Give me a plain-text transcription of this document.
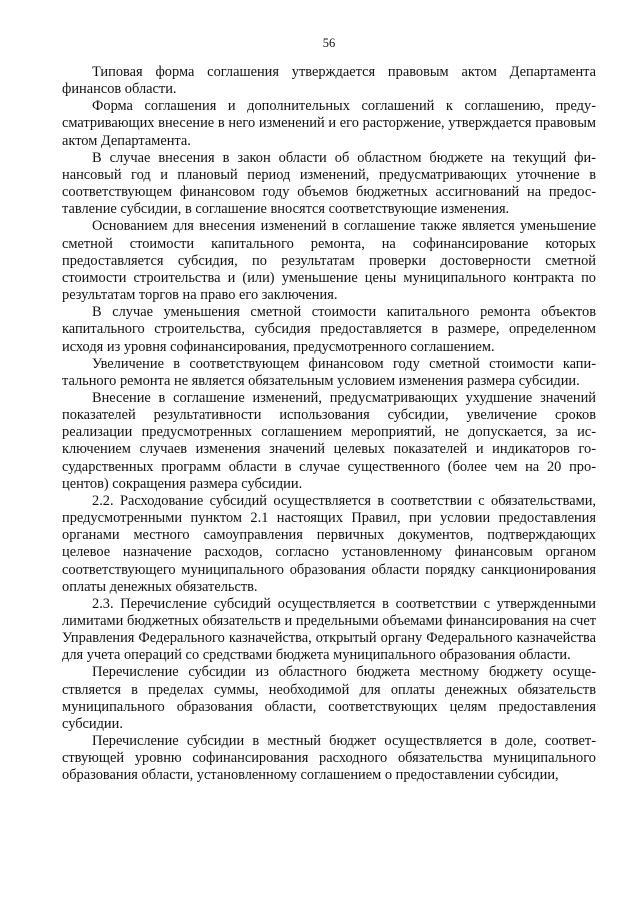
56

Типовая форма соглашения утверждается правовым актом Департамента финансов области.

Форма соглашения и дополнительных соглашений к соглашению, предусматривающих внесение в него изменений и его расторжение, утверждается правовым актом Департамента.

В случае внесения в закон области об областном бюджете на текущий финансовый год и плановый период изменений, предусматривающих уточнение в соответствующем финансовом году объемов бюджетных ассигнований на предоставление субсидии, в соглашение вносятся соответствующие изменения.

Основанием для внесения изменений в соглашение также является уменьшение сметной стоимости капитального ремонта, на софинансирование которых предоставляется субсидия, по результатам проверки достоверности сметной стоимости строительства и (или) уменьшение цены муниципального контракта по результатам торгов на право его заключения.

В случае уменьшения сметной стоимости капитального ремонта объектов капитального строительства, субсидия предоставляется в размере, определенном исходя из уровня софинансирования, предусмотренного соглашением.

Увеличение в соответствующем финансовом году сметной стоимости капитального ремонта не является обязательным условием изменения размера субсидии.

Внесение в соглашение изменений, предусматривающих ухудшение значений показателей результативности использования субсидии, увеличение сроков реализации предусмотренных соглашением мероприятий, не допускается, за исключением случаев изменения значений целевых показателей и индикаторов государственных программ области в случае существенного (более чем на 20 процентов) сокращения размера субсидии.

2.2. Расходование субсидий осуществляется в соответствии с обязательствами, предусмотренными пунктом 2.1 настоящих Правил, при условии предоставления органами местного самоуправления первичных документов, подтверждающих целевое назначение расходов, согласно установленному финансовым органом соответствующего муниципального образования области порядку санкционирования оплаты денежных обязательств.

2.3. Перечисление субсидий осуществляется в соответствии с утвержденными лимитами бюджетных обязательств и предельными объемами финансирования на счет Управления Федерального казначейства, открытый органу Федерального казначейства для учета операций со средствами бюджета муниципального образования области.

Перечисление субсидии из областного бюджета местному бюджету осуществляется в пределах суммы, необходимой для оплаты денежных обязательств муниципального образования области, соответствующих целям предоставления субсидии.

Перечисление субсидии в местный бюджет осуществляется в доле, соответствующей уровню софинансирования расходного обязательства муниципального образования области, установленному соглашением о предоставлении субсидии,
